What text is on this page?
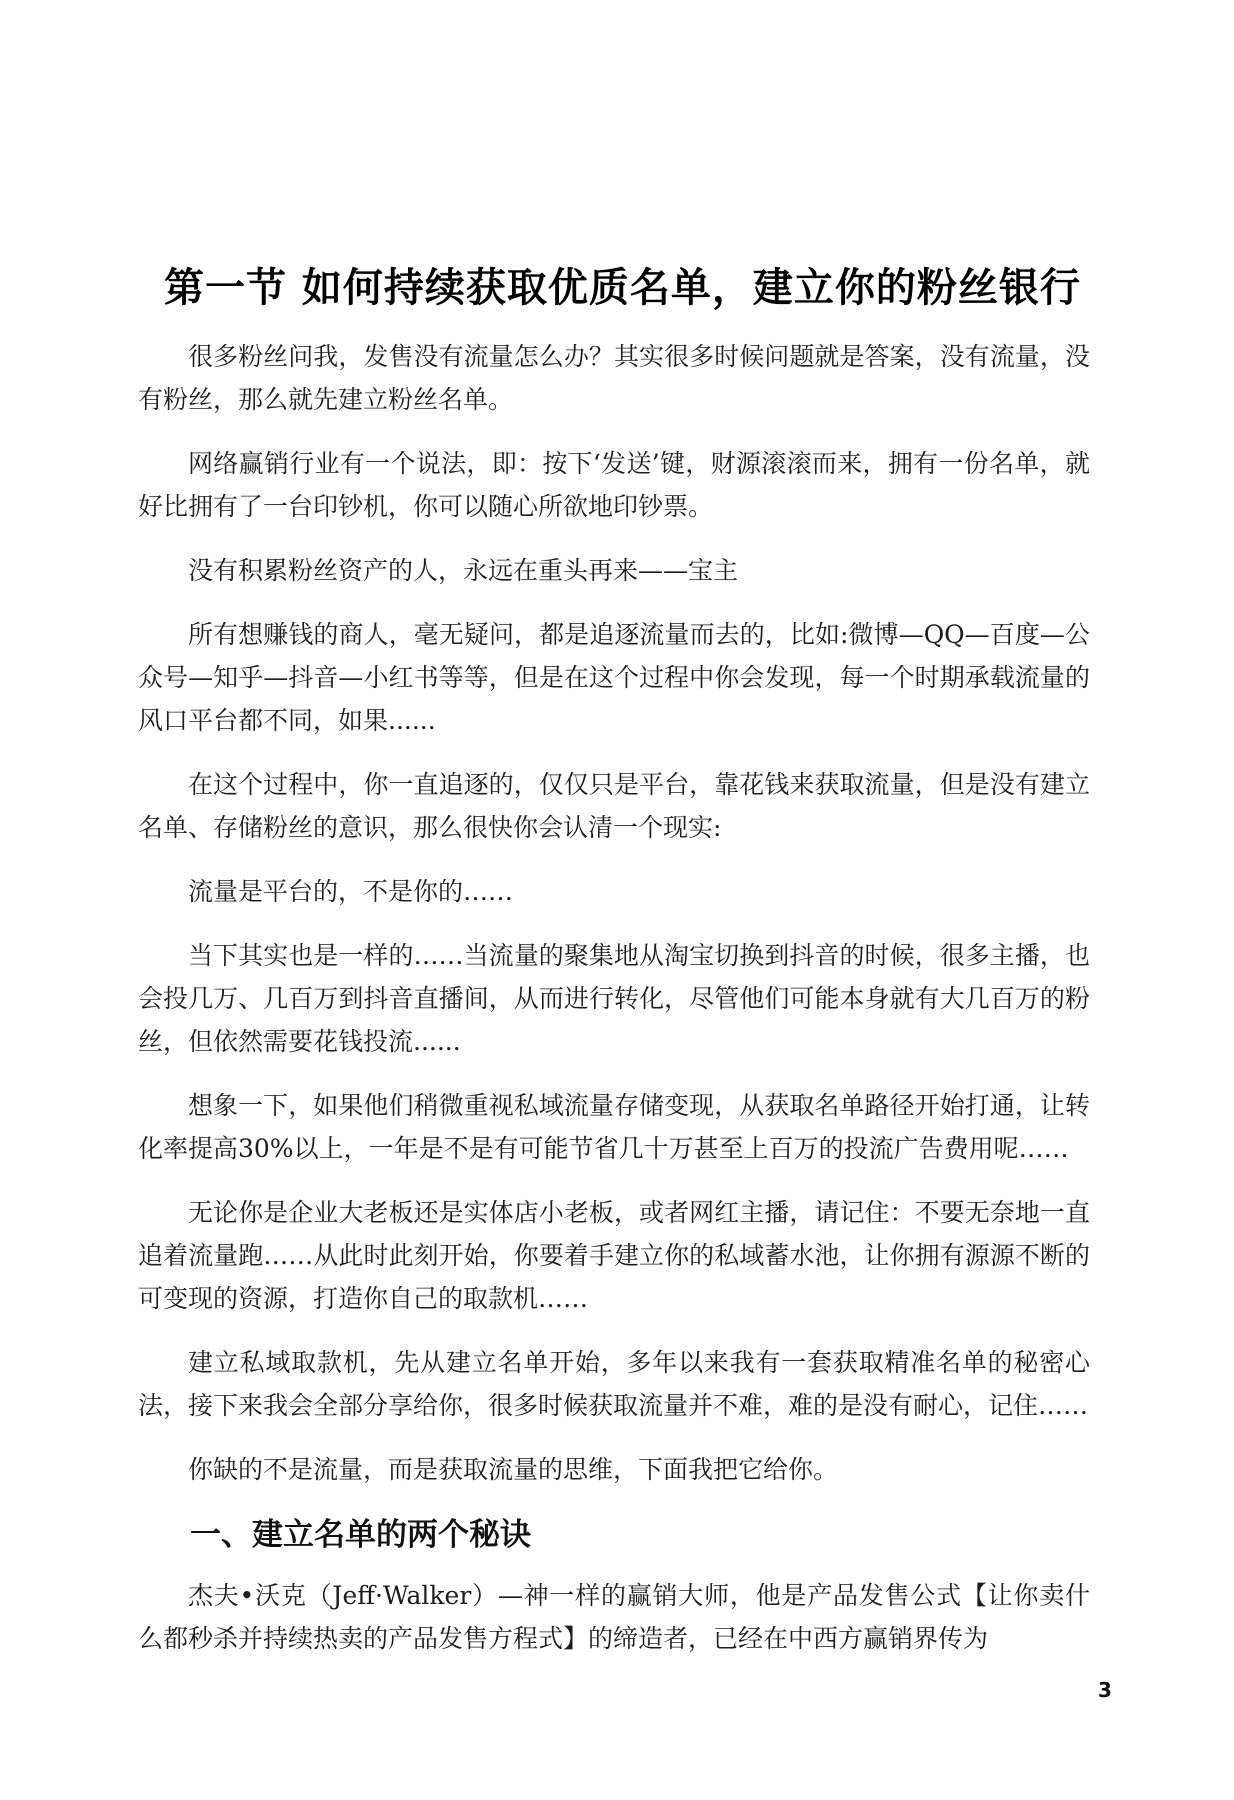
第一节 如何持续获取优质名单，建立你的粉丝银行

很多粉丝问我，发售没有流量怎么办？其实很多时候问题就是答案，没有流量，没有粉丝，那么就先建立粉丝名单。

网络赢销行业有一个说法，即：按下‘发送’键，财源滚滚而来，拥有一份名单，就好比拥有了一台印钞机，你可以随心所欲地印钞票。

没有积累粉丝资产的人，永远在重头再来——宝主

所有想赚钱的商人，毫无疑问，都是追逐流量而去的，比如:微博—QQ—百度—公众号—知乎—抖音—小红书等等，但是在这个过程中你会发现，每一个时期承载流量的风口平台都不同，如果......

在这个过程中，你一直追逐的，仅仅只是平台，靠花钱来获取流量，但是没有建立名单、存储粉丝的意识，那么很快你会认清一个现实:

流量是平台的，不是你的……

当下其实也是一样的……当流量的聚集地从淘宝切换到抖音的时候，很多主播，也会投几万、几百万到抖音直播间，从而进行转化，尽管他们可能本身就有大几百万的粉丝，但依然需要花钱投流......

想象一下，如果他们稍微重视私域流量存储变现，从获取名单路径开始打通，让转化率提高30%以上，一年是不是有可能节省几十万甚至上百万的投流广告费用呢……

无论你是企业大老板还是实体店小老板，或者网红主播，请记住：不要无奈地一直追着流量跑……从此时此刻开始，你要着手建立你的私域蓄水池，让你拥有源源不断的可变现的资源，打造你自己的取款机……

建立私域取款机，先从建立名单开始，多年以来我有一套获取精准名单的秘密心法，接下来我会全部分享给你，很多时候获取流量并不难，难的是没有耐心，记住……

你缺的不是流量，而是获取流量的思维，下面我把它给你。

一、建立名单的两个秘诀

杰夫•沃克（Jeff·Walker）—神一样的赢销大师，他是产品发售公式【让你卖什么都秒杀并持续热卖的产品发售方程式】的缔造者，已经在中西方赢销界传为

3
